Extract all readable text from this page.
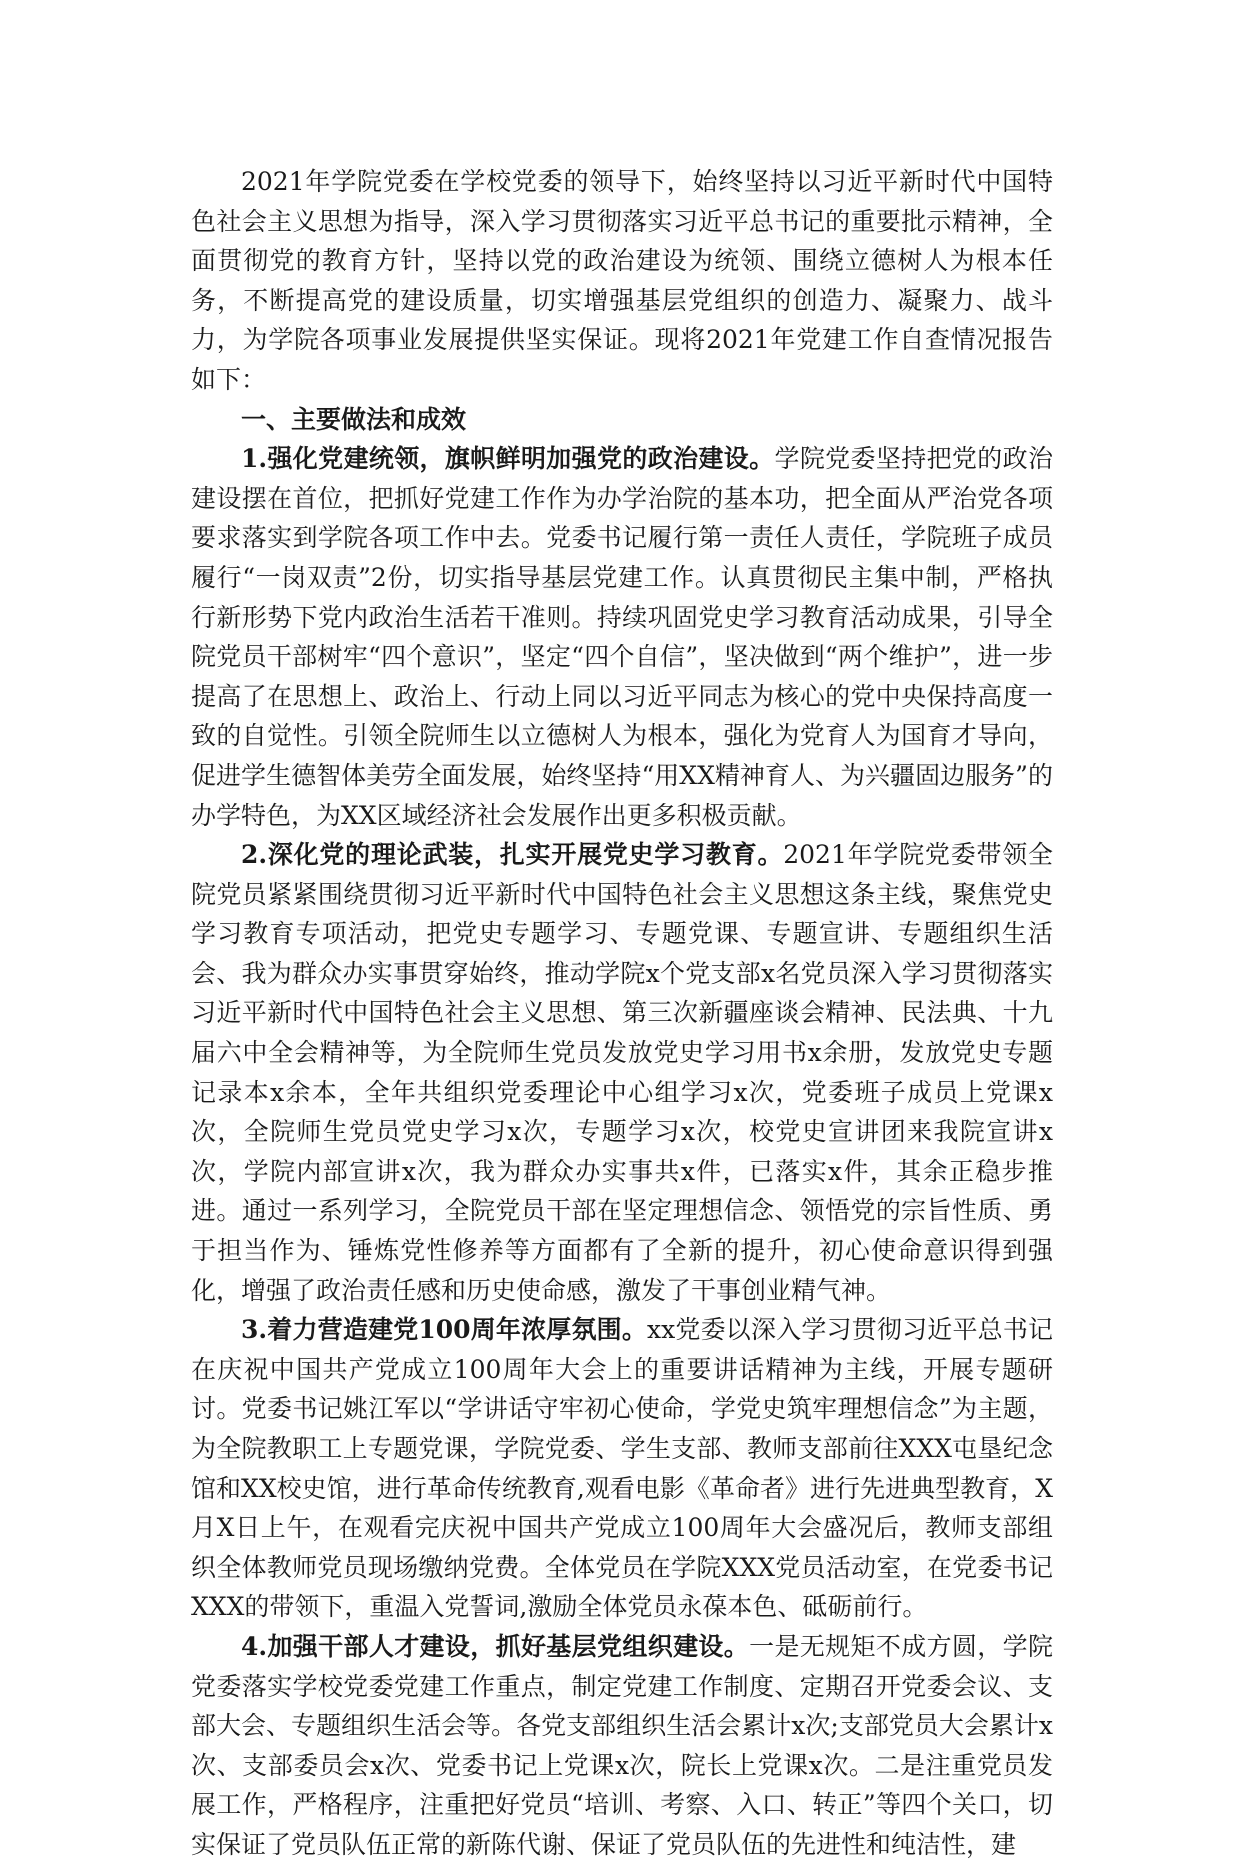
2021年学院党委在学校党委的领导下，始终坚持以习近平新时代中国特色社会主义思想为指导，深入学习贯彻落实习近平总书记的重要批示精神，全面贯彻党的教育方针，坚持以党的政治建设为统领、围绕立德树人为根本任务，不断提高党的建设质量，切实增强基层党组织的创造力、凝聚力、战斗力，为学院各项事业发展提供坚实保证。现将2021年党建工作自查情况报告如下：

一、主要做法和成效

1.强化党建统领，旗帜鲜明加强党的政治建设。学院党委坚持把党的政治建设摆在首位，把抓好党建工作作为办学治院的基本功，把全面从严治党各项要求落实到学院各项工作中去。党委书记履行第一责任人责任，学院班子成员履行“一岗双责”2份，切实指导基层党建工作。认真贯彻民主集中制，严格执行新形势下党内政治生活若干准则。持续巩固党史学习教育活动成果，引导全院党员干部树牢“四个意识”，坚定“四个自信”，坚决做到“两个维护”，进一步提高了在思想上、政治上、行动上同以习近平同志为核心的党中央保持高度一致的自觉性。引领全院师生以立德树人为根本，强化为党育人为国育才导向，促进学生德智体美劳全面发展，始终坚持“用XX精神育人、为兴疆固边服务”的办学特色，为XX区域经济社会发展作出更多积极贡献。

2.深化党的理论武装，扎实开展党史学习教育。2021年学院党委带领全院党员紧紧围绕贯彻习近平新时代中国特色社会主义思想这条主线，聚焦党史学习教育专项活动，把党史专题学习、专题党课、专题宣讲、专题组织生活会、我为群众办实事贯穿始终，推动学院x个党支部x名党员深入学习贯彻落实习近平新时代中国特色社会主义思想、第三次新疆座谈会精神、民法典、十九届六中全会精神等，为全院师生党员发放党史学习用书x余册，发放党史专题记录本x余本，全年共组织党委理论中心组学习x次，党委班子成员上党课x次，全院师生党员党史学习x次，专题学习x次，校党史宣讲团来我院宣讲x次，学院内部宣讲x次，我为群众办实事共x件，已落实x件，其余正稳步推进。通过一系列学习，全院党员干部在坚定理想信念、领悟党的宗旨性质、勇于担当作为、锤炼党性修养等方面都有了全新的提升，初心使命意识得到强化，增强了政治责任感和历史使命感，激发了干事创业精气神。

3.着力营造建党100周年浓厚氛围。xx党委以深入学习贯彻习近平总书记在庆祝中国共产党成立100周年大会上的重要讲话精神为主线，开展专题研讨。党委书记姚江军以“学讲话守牢初心使命，学党史筑牢理想信念”为主题，为全院教职工上专题党课，学院党委、学生支部、教师支部前往XXX屯垦纪念馆和XX校史馆，进行革命传统教育,观看电影《革命者》进行先进典型教育，X月X日上午，在观看完庆祝中国共产党成立100周年大会盛况后，教师支部组织全体教师党员现场缴纳党费。全体党员在学院XXX党员活动室，在党委书记XXX的带领下，重温入党誓词,激励全体党员永葆本色、砥砺前行。

4.加强干部人才建设，抓好基层党组织建设。一是无规矩不成方圆，学院党委落实学校党委党建工作重点，制定党建工作制度、定期召开党委会议、支部大会、专题组织生活会等。各党支部组织生活会累计x次;支部党员大会累计x次、支部委员会x次、党委书记上党课x次，院长上党课x次。二是注重党员发展工作，严格程序，注重把好党员“培训、考察、入口、转正”等四个关口，切实保证了党员队伍正常的新陈代谢、保证了党员队伍的先进性和纯洁性，建
